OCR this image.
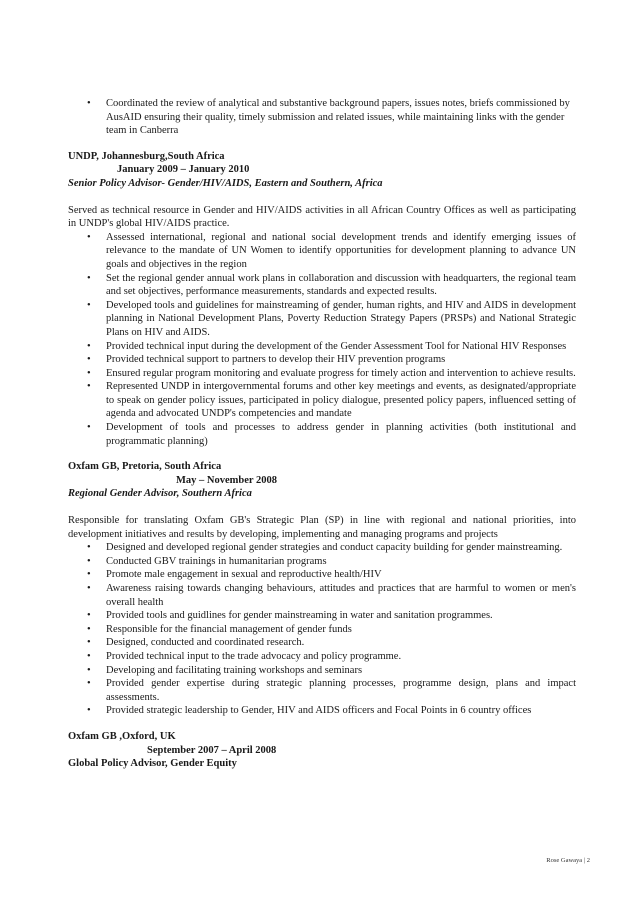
• Coordinated the review of analytical and substantive background papers, issues notes, briefs commissioned by AusAID ensuring their quality, timely submission and related issues, while maintaining links with the gender team in Canberra
UNDP, Johannesburg,South Africa
January 2009 – January 2010
Senior Policy Advisor- Gender/HIV/AIDS, Eastern and Southern, Africa
Served as technical resource in Gender and HIV/AIDS activities in all African Country Offices as well as participating in UNDP's global HIV/AIDS practice.
• Assessed international, regional and national social development trends and identify emerging issues of relevance to the mandate of UN Women to identify opportunities for development planning to advance UN goals and objectives in the region
• Set the regional gender annual work plans in collaboration and discussion with headquarters, the regional team and set objectives, performance measurements, standards and expected results.
• Developed tools and guidelines for mainstreaming of gender, human rights, and HIV and AIDS in development planning in National Development Plans, Poverty Reduction Strategy Papers (PRSPs) and National Strategic Plans on HIV and AIDS.
• Provided technical input during the development of the Gender Assessment Tool for National HIV Responses
• Provided technical support to partners to develop their HIV prevention programs
• Ensured regular program monitoring and evaluate progress for timely action and intervention to achieve results.
• Represented UNDP in intergovernmental forums and other key meetings and events, as designated/appropriate to speak on gender policy issues, participated in policy dialogue, presented policy papers, influenced setting of agenda and advocated UNDP's competencies and mandate
• Development of tools and processes to address gender in planning activities (both institutional and programmatic planning)
Oxfam GB, Pretoria, South Africa
May – November 2008
Regional Gender Advisor, Southern Africa
Responsible for translating Oxfam GB's Strategic Plan (SP) in line with regional and national priorities, into development initiatives and results by developing, implementing and managing programs and projects
• Designed and developed regional gender strategies and conduct capacity building for gender mainstreaming.
• Conducted GBV trainings in humanitarian programs
• Promote male engagement in sexual and reproductive health/HIV
• Awareness raising towards changing behaviours, attitudes and practices that are harmful to women or men's overall health
• Provided tools and guidlines for gender mainstreaming in water and sanitation programmes.
• Responsible for the financial management of gender funds
• Designed, conducted and coordinated research.
• Provided technical input to the trade advocacy and policy programme.
• Developing and facilitating training workshops and seminars
• Provided gender expertise during strategic planning processes, programme design, plans and impact assessments.
• Provided strategic leadership to Gender, HIV and AIDS officers and Focal Points in 6 country offices
Oxfam GB ,Oxford, UK
September 2007 – April 2008
Global Policy Advisor, Gender Equity
Rose Gawaya | 2
